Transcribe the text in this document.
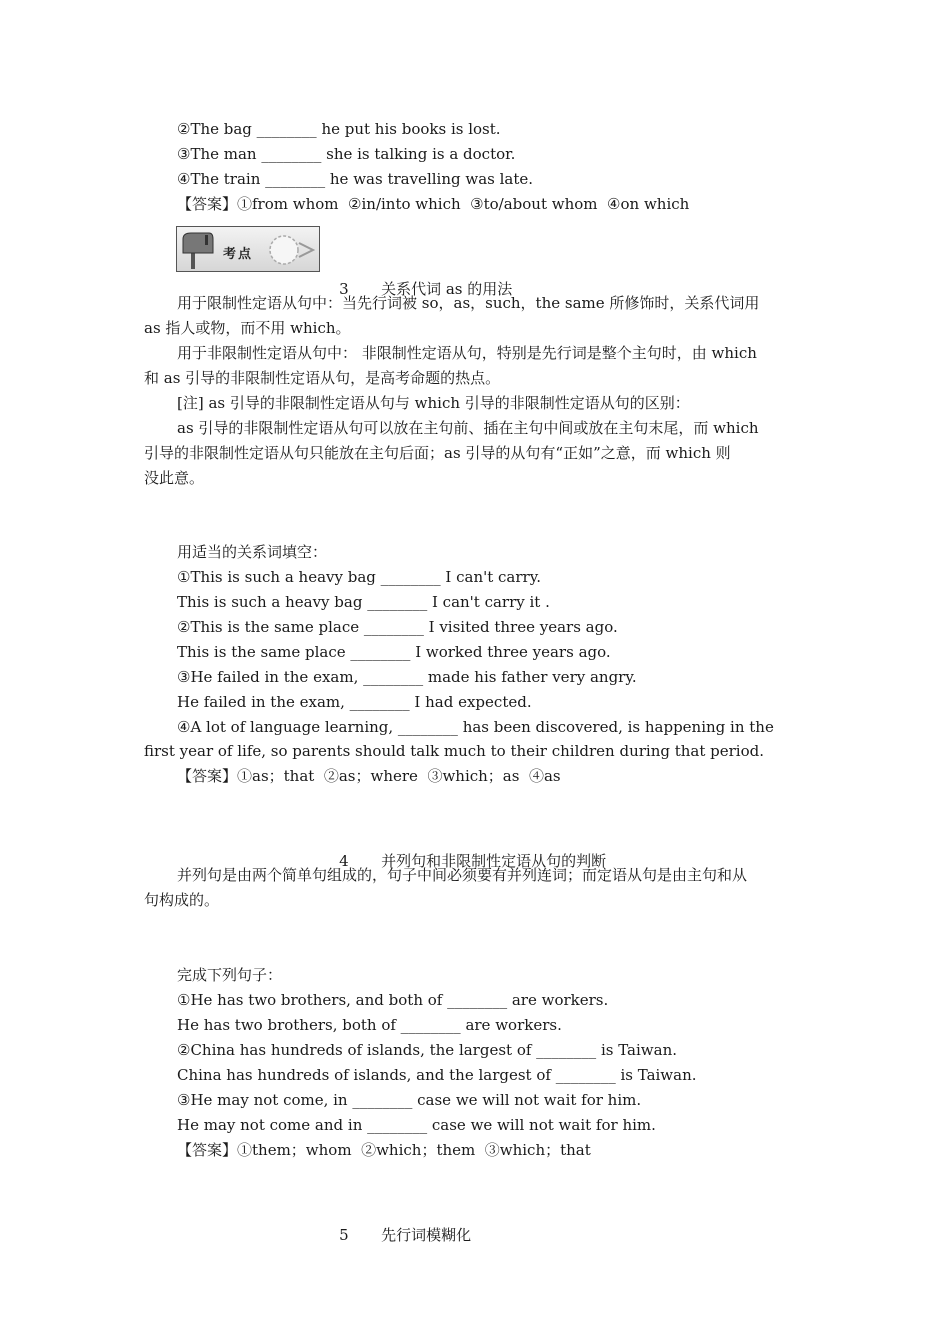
②The bag ________ he put his books is lost.
③The man ________ she is talking is a doctor.
④The train ________ he was travelling was late.
【答案】①from whom  ②in/into which  ③to/about whom  ④on which
考点

3 关系代词 as 的用法

用于限制性定语从句中：当先行词被 so，as，such，the same 所修饰时，关系代词用
as 指人或物，而不用 which。
用于非限制性定语从句中： 非限制性定语从句，特别是先行词是整个主句时，由 which
和 as 引导的非限制性定语从句，是高考命题的热点。
[注] as 引导的非限制性定语从句与 which 引导的非限制性定语从句的区别：
as 引导的非限制性定语从句可以放在主句前、插在主句中间或放在主句末尾，而 which
引导的非限制性定语从句只能放在主句后面；as 引导的从句有“正如”之意，而 which 则
没此意。
用适当的关系词填空：
①This is such a heavy bag ________ I can't carry.
This is such a heavy bag ________ I can't carry it .
②This is the same place ________ I visited three years ago.
This is the same place ________ I worked three years ago.
③He failed in the exam, ________ made his father very angry.
He failed in the exam, ________ I had expected.
④A lot of language learning, ________ has been discovered, is happening in the
first year of life, so parents should talk much to their children during that period.
【答案】①as；that  ②as；where  ③which；as  ④as

4 并列句和非限制性定语从句的判断

并列句是由两个简单句组成的，句子中间必须要有并列连词；而定语从句是由主句和从
句构成的。
完成下列句子：
①He has two brothers, and both of ________ are workers.
He has two brothers, both of ________ are workers.
②China has hundreds of islands, the largest of ________ is Taiwan.
China has hundreds of islands, and the largest of ________ is Taiwan.
③He may not come, in ________ case we will not wait for him.
He may not come and in ________ case we will not wait for him.
【答案】①them；whom  ②which；them  ③which；that

5 先行词模糊化
